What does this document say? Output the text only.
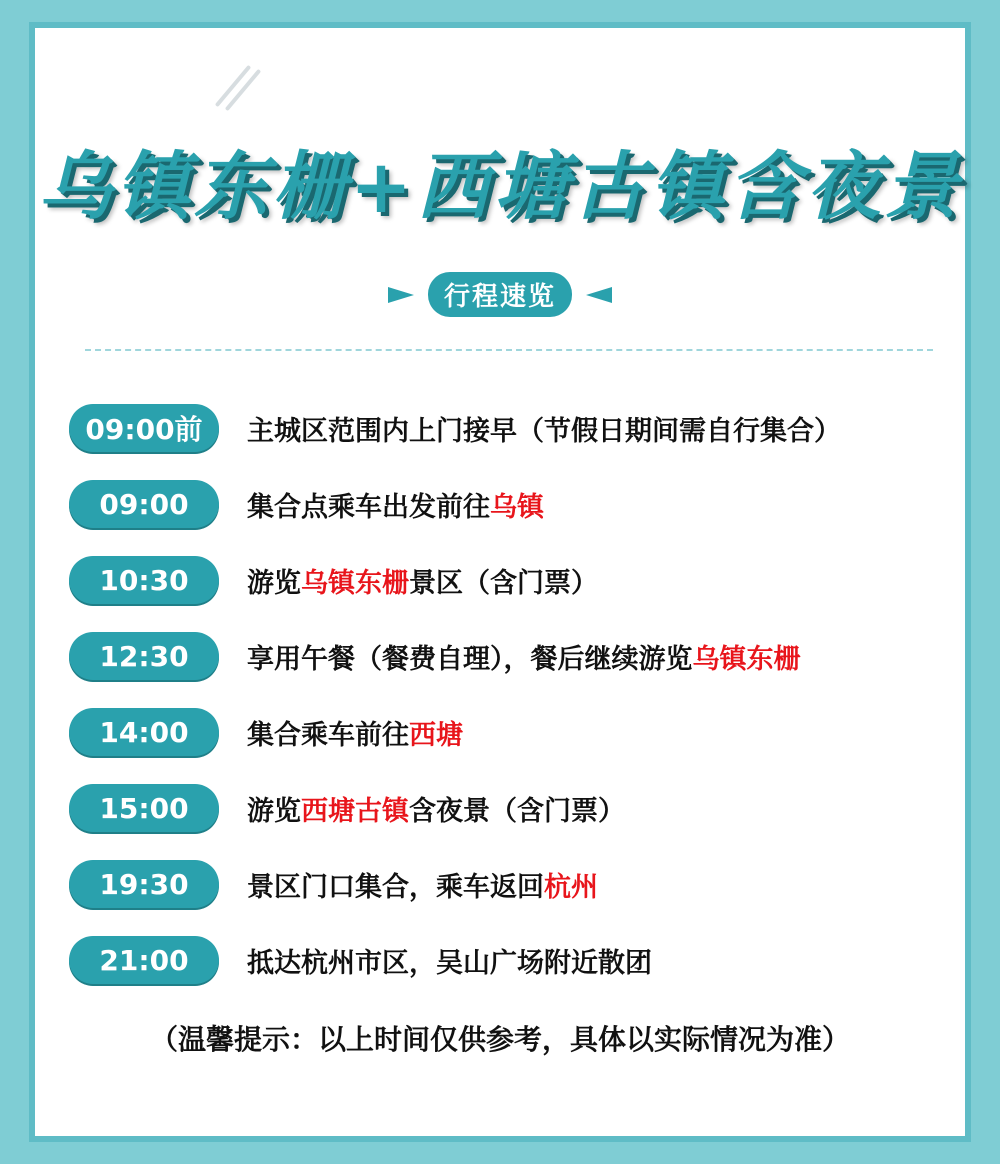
乌镇东栅+西塘古镇含夜景
行程速览
09:00前	主城区范围内上门接早（节假日期间需自行集合）
09:00	集合点乘车出发前往乌镇
10:30	游览乌镇东栅景区（含门票）
12:30	享用午餐（餐费自理），餐后继续游览乌镇东栅
14:00	集合乘车前往西塘
15:00	游览西塘古镇含夜景（含门票）
19:30	景区门口集合，乘车返回杭州
21:00	抵达杭州市区，吴山广场附近散团
（温馨提示：以上时间仅供参考，具体以实际情况为准）
